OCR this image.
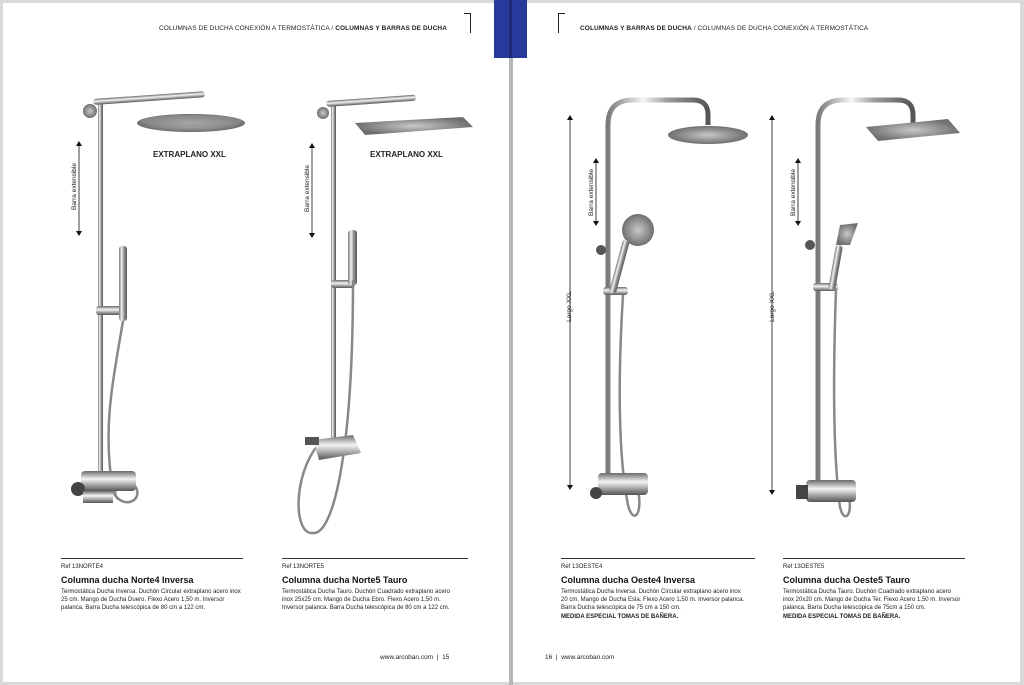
COLUMNAS DE DUCHA CONEXIÓN A TERMOSTÁTICA / COLUMNAS Y BARRAS DE DUCHA
Barra extensible
EXTRAPLANO XXL
Barra extensible
EXTRAPLANO XXL
Ref 13NORTE4
Columna ducha Norte4 Inversa
Termostática Ducha Inversa. Duchón Circular extraplano acero inox 25 cm. Mango de Ducha Duero. Flexo Acero 1,50 m. Inversor palanca. Barra Ducha telescópica de 80 cm a 122 cm.
Ref 13NORTE5
Columna ducha Norte5 Tauro
Termostática Ducha Tauro. Duchón Cuadrado extraplano acero inox 25x25 cm. Mango de Ducha Ebro. Flexo Acero 1,50 m. Inversor palanca. Barra Ducha telescópica de 80 cm a 122 cm.
www.arcoban.com | 15
COLUMNAS Y BARRAS DE DUCHA / COLUMNAS DE DUCHA CONEXIÓN A TERMOSTÁTICA
Barra extensible
Largo XXL
Barra extensible
Largo XXL
Ref 13OESTE4
Columna ducha Oeste4 Inversa
Termostática Ducha Inversa. Duchón Circular extraplano acero inox 20 cm. Mango de Ducha Esla. Flexo Acero 1,50 m. Inversor palanca. Barra Ducha telescópica de 75 cm a 150 cm.
MEDIDA ESPECIAL TOMAS DE BAÑERA.
Ref 13OESTE5
Columna ducha Oeste5 Tauro
Termostática Ducha Tauro. Duchón Cuadrado extraplano acero inox 20x20 cm. Mango de Ducha Ter. Flexo Acero 1,50 m. Inversor palanca. Barra Ducha telescópica de 75cm a 150 cm.
MEDIDA ESPECIAL TOMAS DE BAÑERA.
16 | www.arcoban.com
